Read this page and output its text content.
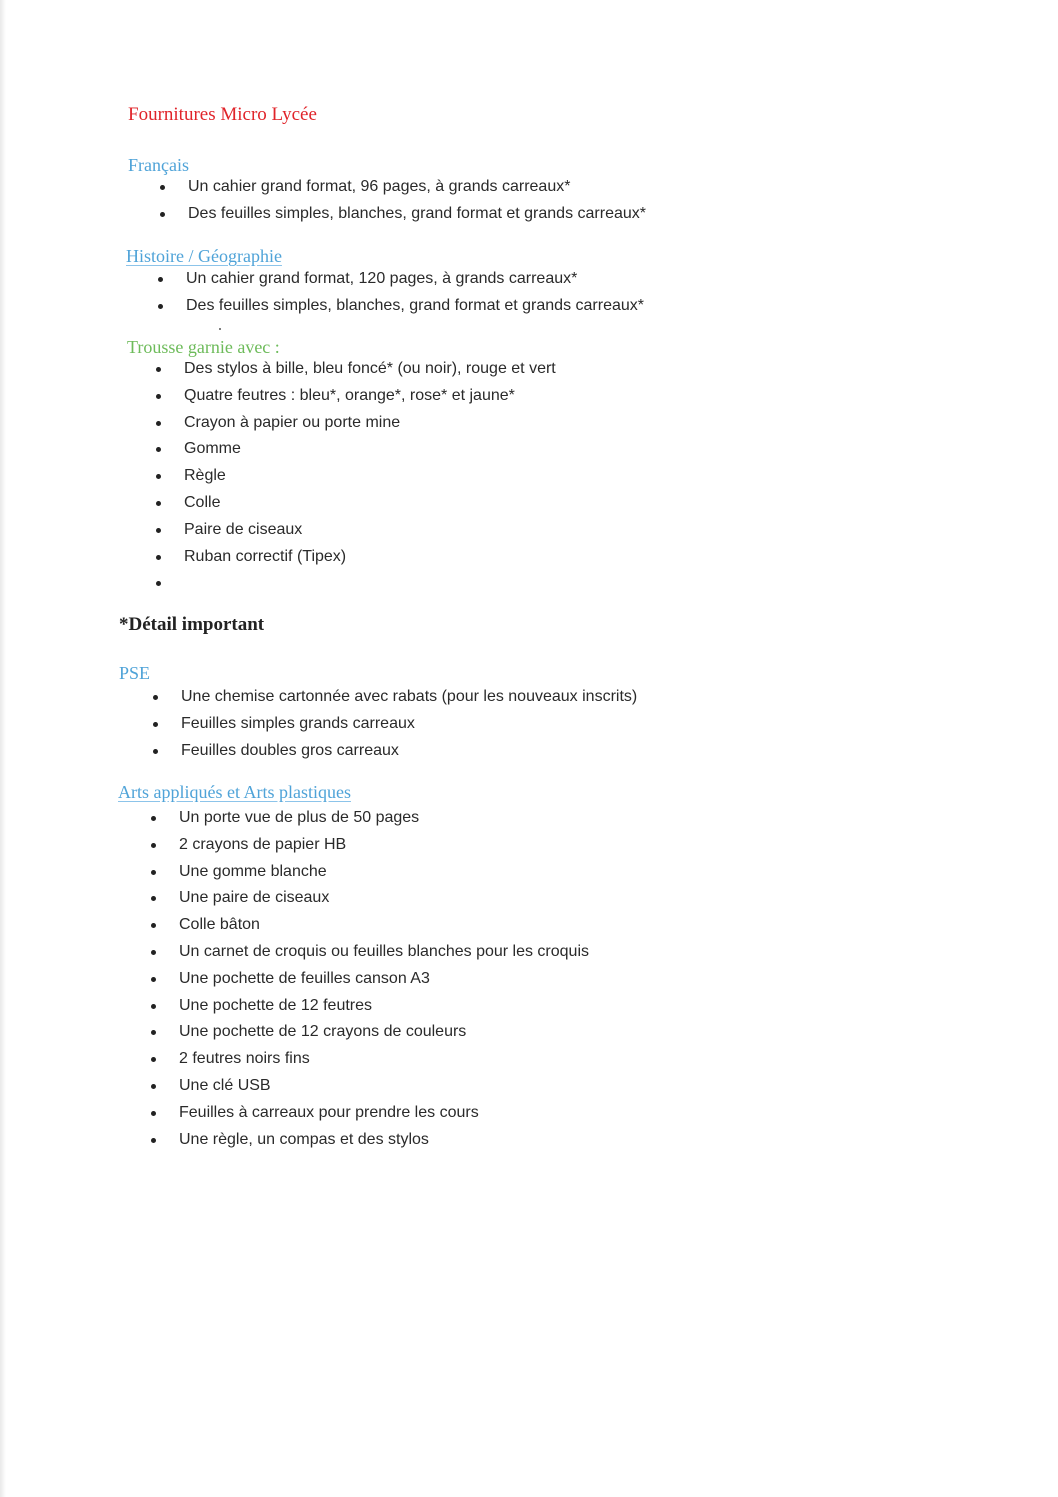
Fournitures Micro Lycée
Français
Un cahier grand format, 96 pages, à grands carreaux*
Des feuilles simples, blanches, grand format et grands carreaux*
Histoire / Géographie
Un cahier grand format, 120 pages, à grands carreaux*
Des feuilles simples, blanches, grand format et grands carreaux*
Trousse garnie avec :
Des stylos à bille, bleu foncé* (ou noir), rouge et vert
Quatre feutres : bleu*, orange*, rose* et jaune*
Crayon à papier ou porte mine
Gomme
Règle
Colle
Paire de ciseaux
Ruban correctif (Tipex)
*Détail important
PSE
Une chemise cartonnée avec rabats (pour les nouveaux inscrits)
Feuilles simples grands carreaux
Feuilles doubles gros carreaux
Arts appliqués et Arts plastiques
Un porte vue de plus de 50 pages
2 crayons de papier HB
Une gomme blanche
Une paire de ciseaux
Colle bâton
Un carnet de croquis ou feuilles blanches pour les croquis
Une pochette de feuilles canson A3
Une pochette de 12 feutres
Une pochette de 12 crayons de couleurs
2 feutres noirs fins
Une clé USB
Feuilles à carreaux pour prendre les cours
Une règle, un compas et des stylos
